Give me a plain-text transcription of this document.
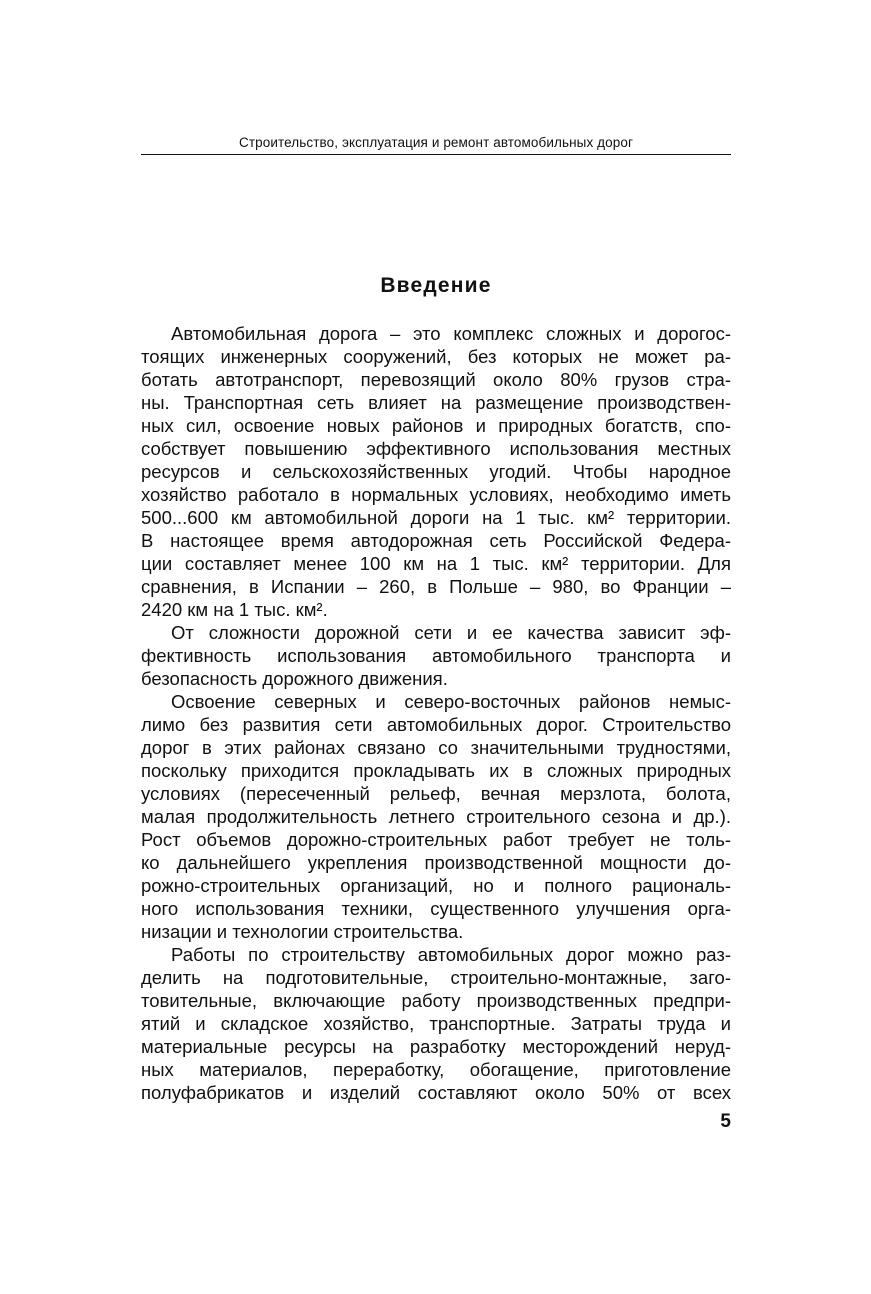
Строительство, эксплуатация и ремонт автомобильных дорог
Введение
Автомобильная дорога – это комплекс сложных и дорогос-
тоящих инженерных сооружений, без которых не может ра-
ботать автотранспорт, перевозящий около 80% грузов стра-
ны. Транспортная сеть влияет на размещение производствен-
ных сил, освоение новых районов и природных богатств, спо-
собствует повышению эффективного использования местных
ресурсов и сельскохозяйственных угодий. Чтобы народное
хозяйство работало в нормальных условиях, необходимо иметь
500...600 км автомобильной дороги на 1 тыс. км² территории.
В настоящее время автодорожная сеть Российской Федера-
ции составляет менее 100 км на 1 тыс. км² территории. Для
сравнения, в Испании – 260, в Польше – 980, во Франции –
2420 км на 1 тыс. км².
От сложности дорожной сети и ее качества зависит эф-
фективность использования автомобильного транспорта и
безопасность дорожного движения.
Освоение северных и северо-восточных районов немыс-
лимо без развития сети автомобильных дорог. Строительство
дорог в этих районах связано со значительными трудностями,
поскольку приходится прокладывать их в сложных природных
условиях (пересеченный рельеф, вечная мерзлота, болота,
малая продолжительность летнего строительного сезона и др.).
Рост объемов дорожно-строительных работ требует не толь-
ко дальнейшего укрепления производственной мощности до-
рожно-строительных организаций, но и полного рациональ-
ного использования техники, существенного улучшения орга-
низации и технологии строительства.
Работы по строительству автомобильных дорог можно раз-
делить на подготовительные, строительно-монтажные, заго-
товительные, включающие работу производственных предпри-
ятий и складское хозяйство, транспортные. Затраты труда и
материальные ресурсы на разработку месторождений неруд-
ных материалов, переработку, обогащение, приготовление
полуфабрикатов и изделий составляют около 50% от всех
5
